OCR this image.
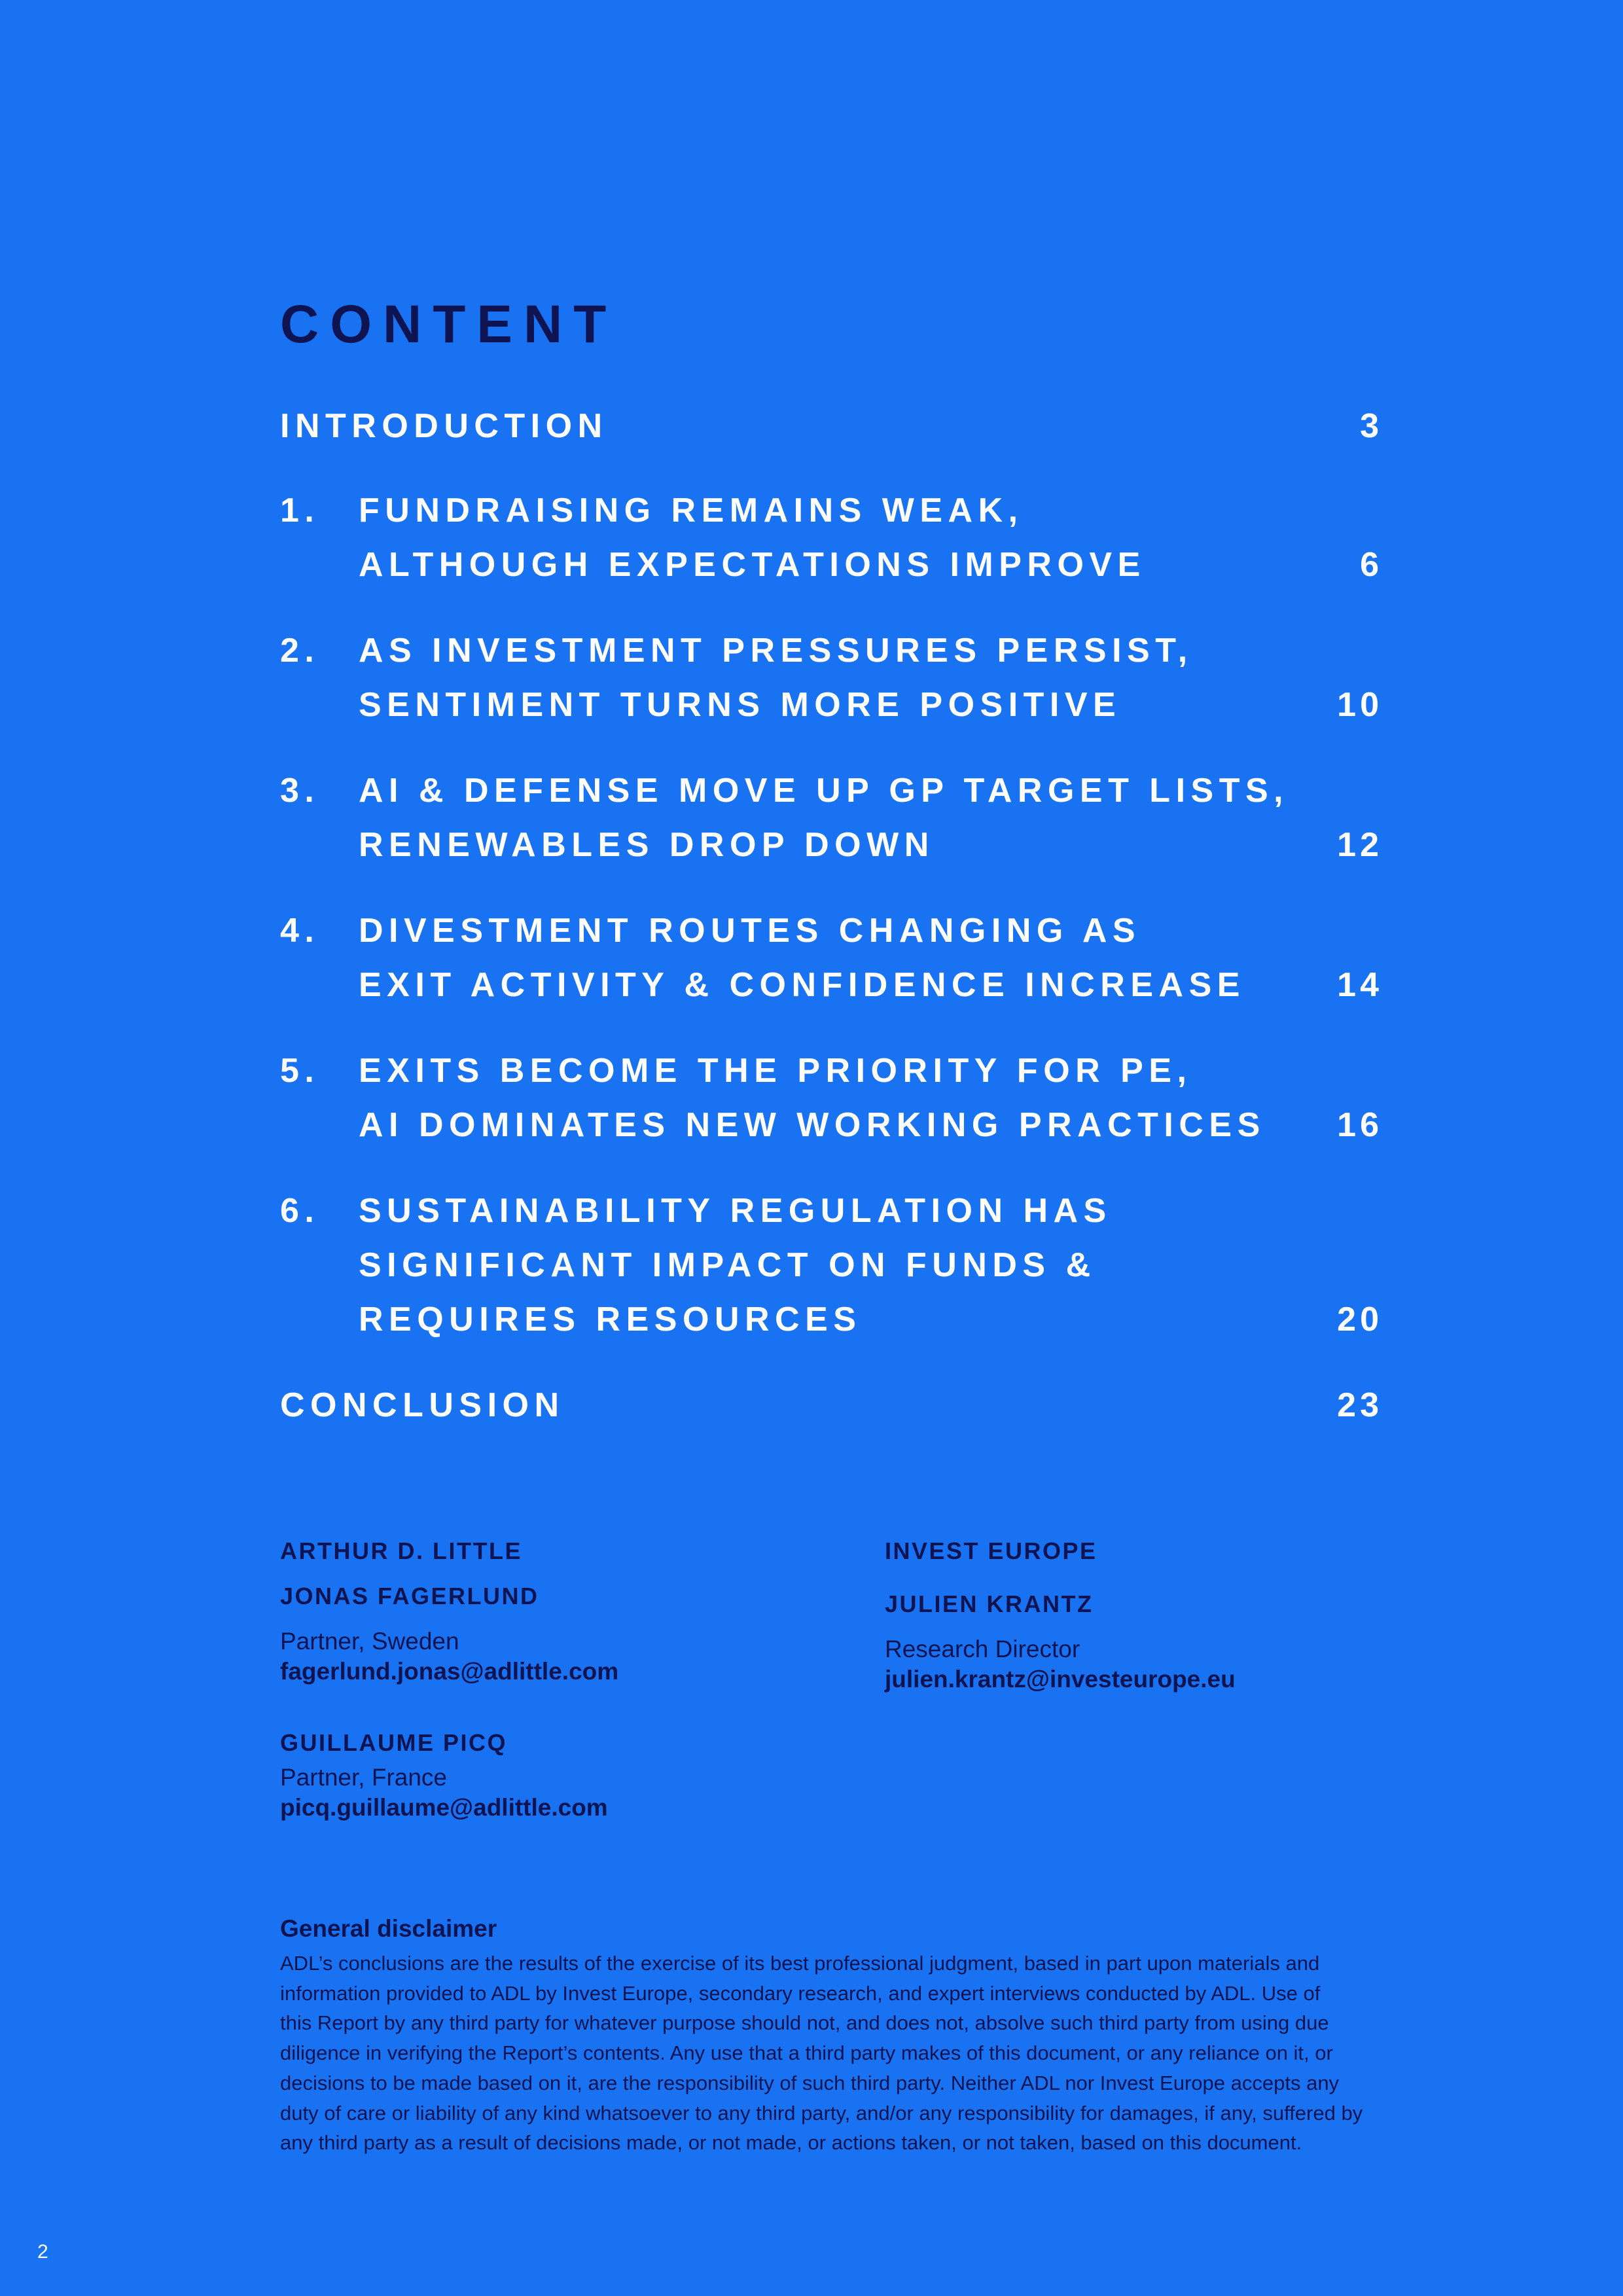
CONTENT
INTRODUCTION	3
1. FUNDRAISING REMAINS WEAK,
ALTHOUGH EXPECTATIONS IMPROVE	6
2. AS INVESTMENT PRESSURES PERSIST,
SENTIMENT TURNS MORE POSITIVE	10
3. AI & DEFENSE MOVE UP GP TARGET LISTS,
RENEWABLES DROP DOWN	12
4. DIVESTMENT ROUTES CHANGING AS
EXIT ACTIVITY & CONFIDENCE INCREASE	14
5. EXITS BECOME THE PRIORITY FOR PE,
AI DOMINATES NEW WORKING PRACTICES	16
6. SUSTAINABILITY REGULATION HAS
SIGNIFICANT IMPACT ON FUNDS &
REQUIRES RESOURCES	20
CONCLUSION	23
ARTHUR D. LITTLE
JONAS FAGERLUND
Partner, Sweden
fagerlund.jonas@adlittle.com
GUILLAUME PICQ
Partner, France
picq.guillaume@adlittle.com
INVEST EUROPE
JULIEN KRANTZ
Research Director
julien.krantz@investeurope.eu
General disclaimer
ADL’s conclusions are the results of the exercise of its best professional judgment, based in part upon materials and
information provided to ADL by Invest Europe, secondary research, and expert interviews conducted by ADL. Use of
this Report by any third party for whatever purpose should not, and does not, absolve such third party from using due
diligence in verifying the Report’s contents. Any use that a third party makes of this document, or any reliance on it, or
decisions to be made based on it, are the responsibility of such third party. Neither ADL nor Invest Europe accepts any
duty of care or liability of any kind whatsoever to any third party, and/or any responsibility for damages, if any, suffered by
any third party as a result of decisions made, or not made, or actions taken, or not taken, based on this document.
2
